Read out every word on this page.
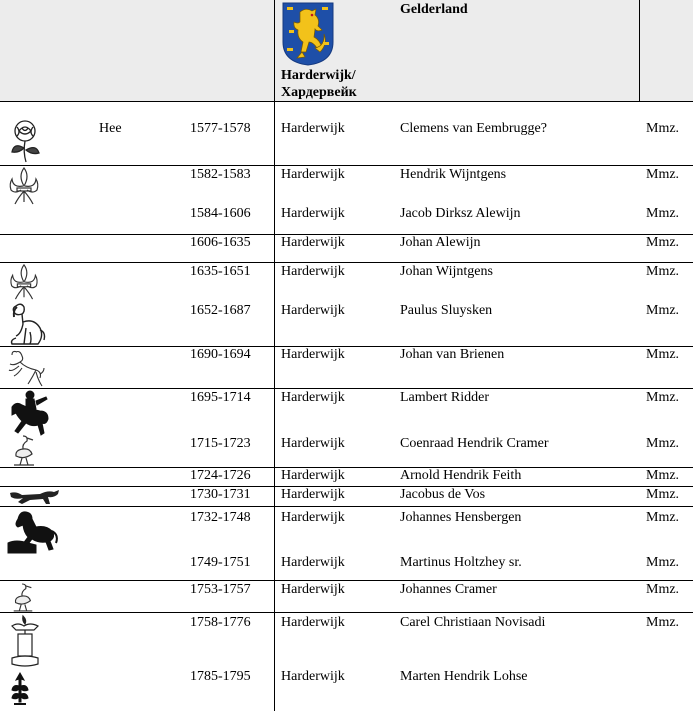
Gelderland
Harderwijk/
Хардервейк
Hee	1577-1578 Harderwijk	Clemens van Eembrugge?	Mmz.
1582-1583 Harderwijk	Hendrik Wijntgens	Mmz.
1584-1606 Harderwijk	Jacob Dirksz Alewijn	Mmz.
1606-1635 Harderwijk	Johan Alewijn	Mmz.
1635-1651 Harderwijk	Johan Wijntgens	Mmz.
1652-1687 Harderwijk	Paulus Sluysken	Mmz.
1690-1694 Harderwijk	Johan van Brienen	Mmz.
1695-1714 Harderwijk	Lambert Ridder	Mmz.
1715-1723 Harderwijk	Coenraad Hendrik Cramer	Mmz.
1724-1726 Harderwijk	Arnold Hendrik Feith	Mmz.
1730-1731 Harderwijk	Jacobus de Vos	Mmz.
1732-1748 Harderwijk	Johannes Hensbergen	Mmz.
1749-1751 Harderwijk	Martinus Holtzhey sr.	Mmz.
1753-1757 Harderwijk	Johannes Cramer	Mmz.
1758-1776 Harderwijk	Carel Christiaan Novisadi	Mmz.
1785-1795 Harderwijk	Marten Hendrik Lohse
